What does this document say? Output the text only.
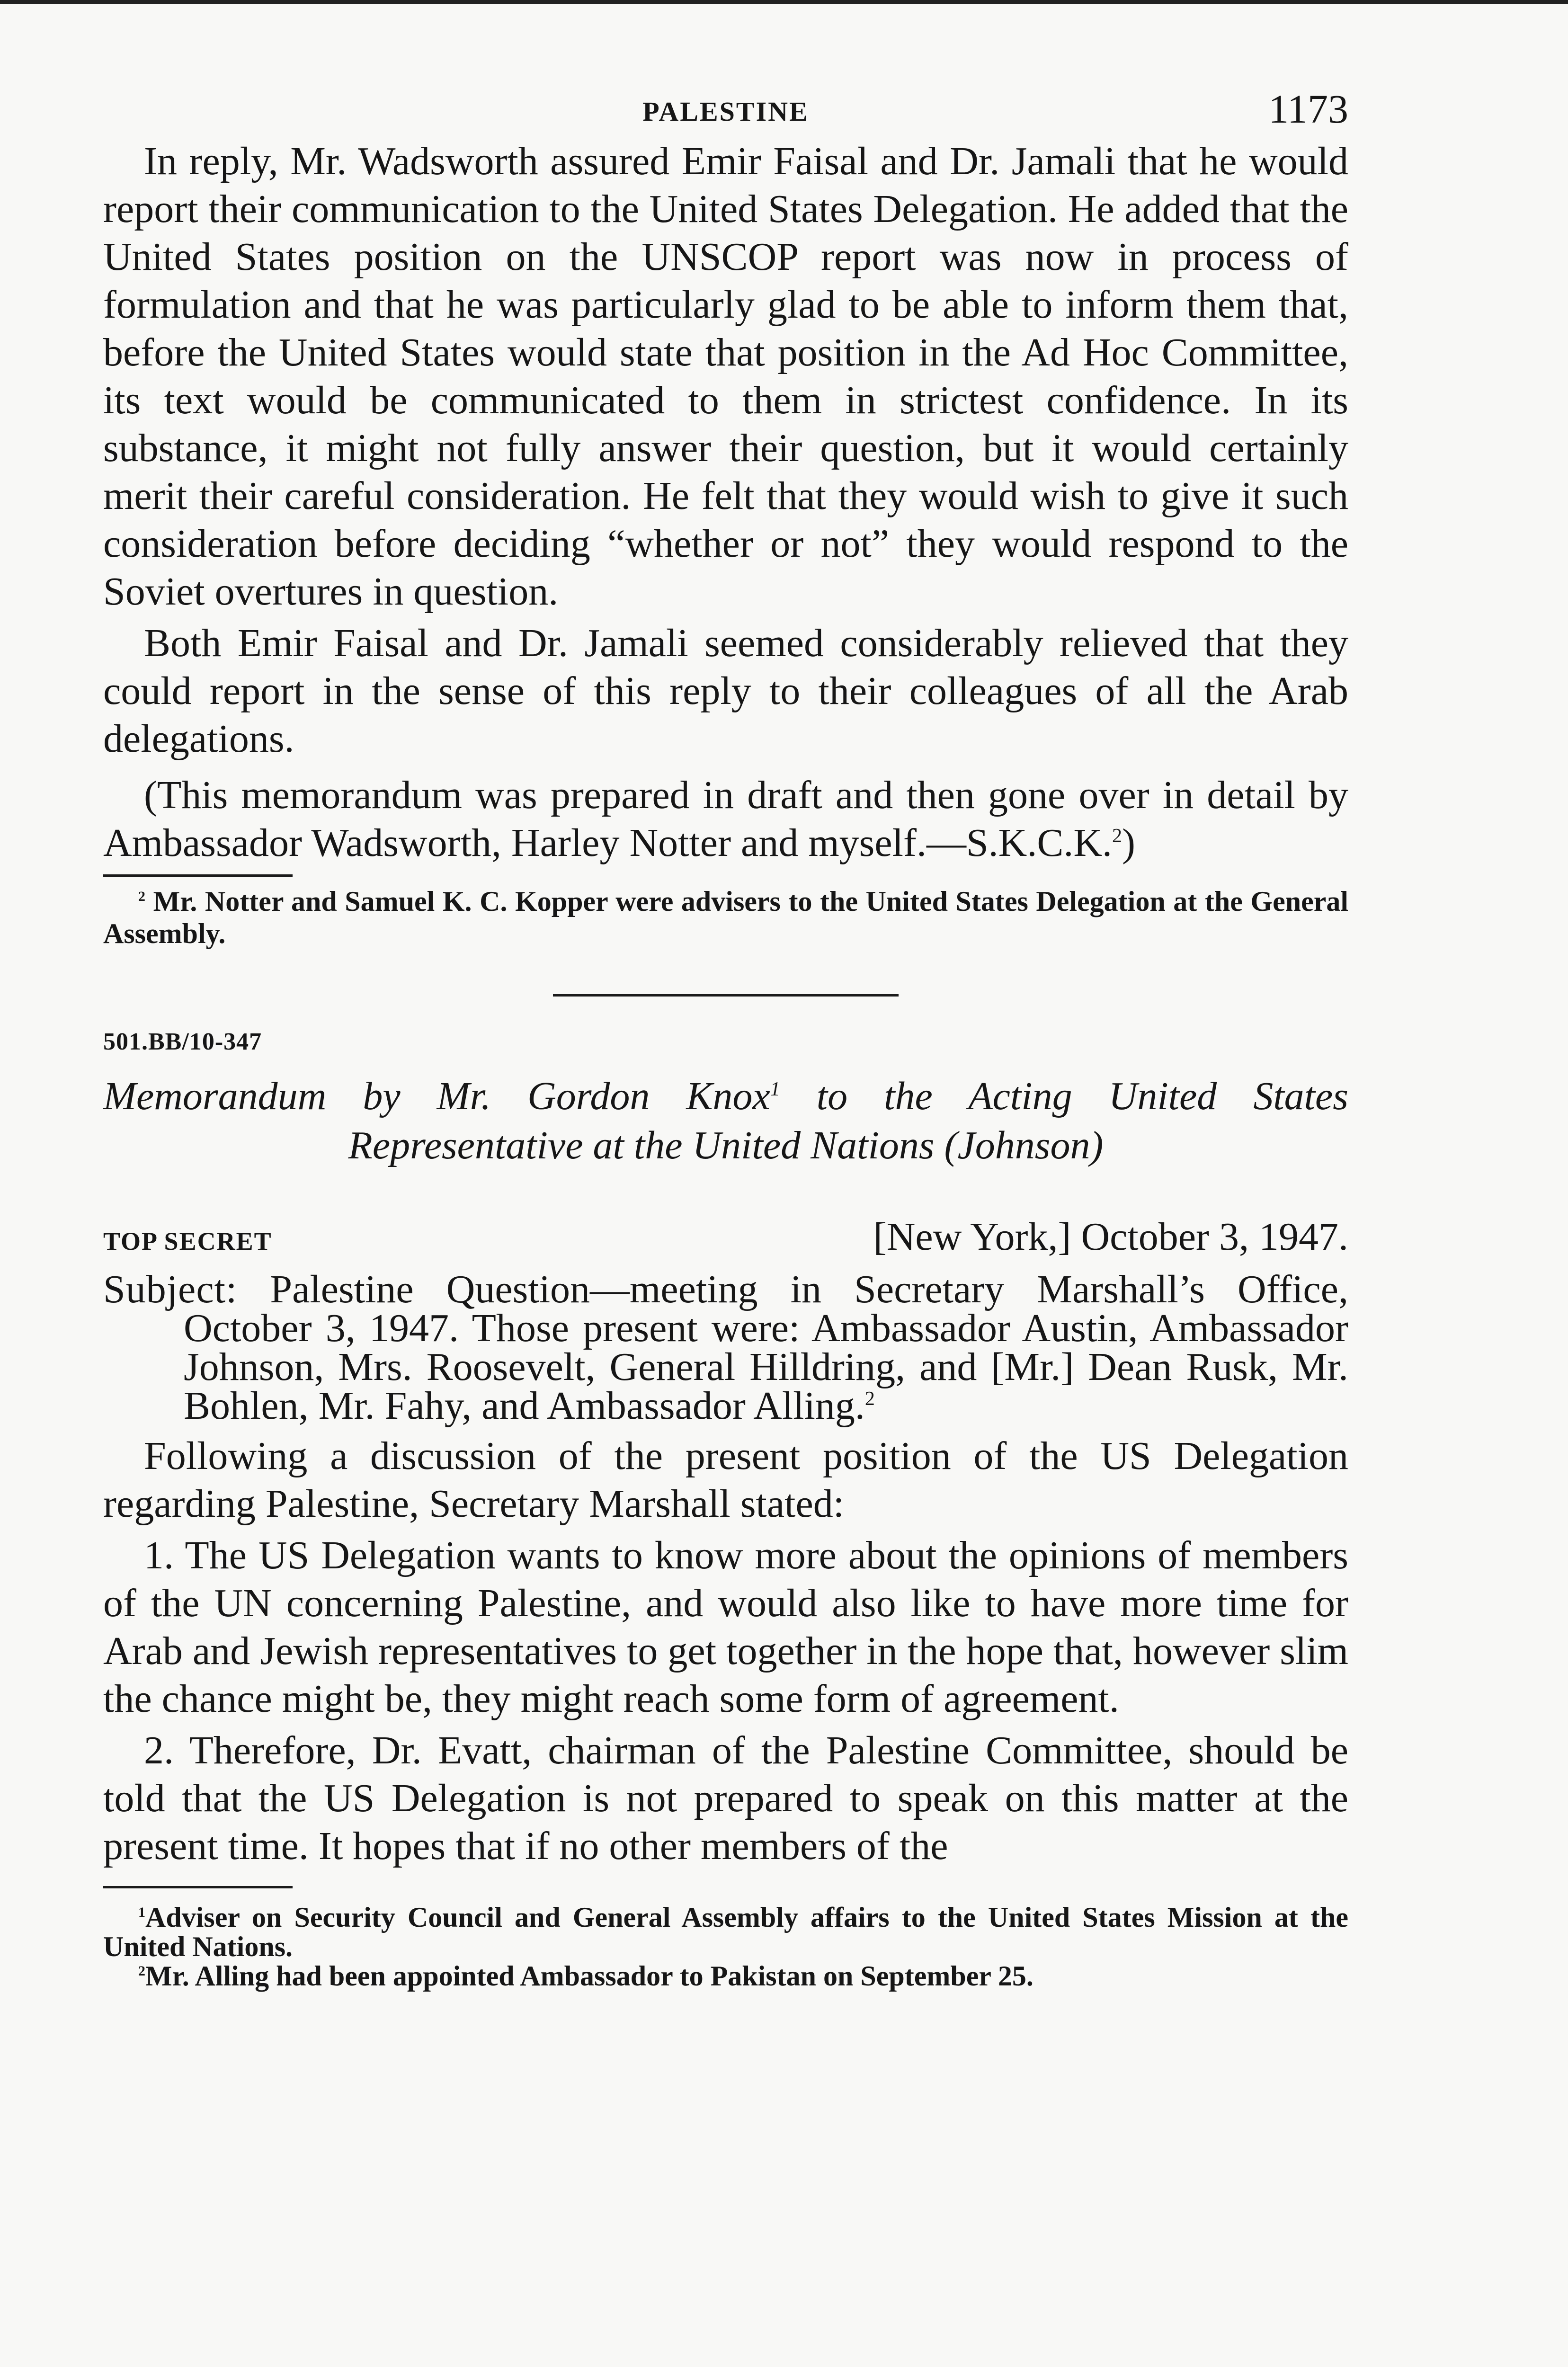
PALESTINE	1173

In reply, Mr. Wadsworth assured Emir Faisal and Dr. Jamali that he would report their communication to the United States Delegation. He added that the United States position on the UNSCOP report was now in process of formulation and that he was particularly glad to be able to inform them that, before the United States would state that position in the Ad Hoc Committee, its text would be communicated to them in strictest confidence. In its substance, it might not fully answer their question, but it would certainly merit their careful consideration. He felt that they would wish to give it such consideration before deciding “whether or not” they would respond to the Soviet overtures in question.

Both Emir Faisal and Dr. Jamali seemed considerably relieved that they could report in the sense of this reply to their colleagues of all the Arab delegations.

(This memorandum was prepared in draft and then gone over in detail by Ambassador Wadsworth, Harley Notter and myself.—S.K.C.K.$^2$)

$^2$ Mr. Notter and Samuel K. C. Kopper were advisers to the United States Delegation at the General Assembly.

501.BB/10-347
Memorandum by Mr. Gordon Knox$^1$ to the Acting United States
Representative at the United Nations (Johnson)
TOP SECRET	[New York,] October 3, 1947.
Subject: Palestine Question—meeting in Secretary Marshall’s Office, October 3, 1947. Those present were: Ambassador Austin, Ambassador Johnson, Mrs. Roosevelt, General Hilldring, and [Mr.] Dean Rusk, Mr. Bohlen, Mr. Fahy, and Ambassador Alling.$^2$

Following a discussion of the present position of the US Delegation regarding Palestine, Secretary Marshall stated:

1. The US Delegation wants to know more about the opinions of members of the UN concerning Palestine, and would also like to have more time for Arab and Jewish representatives to get together in the hope that, however slim the chance might be, they might reach some form of agreement.

2. Therefore, Dr. Evatt, chairman of the Palestine Committee, should be told that the US Delegation is not prepared to speak on this matter at the present time. It hopes that if no other members of the

$^1$Adviser on Security Council and General Assembly affairs to the United States Mission at the United Nations.

$^2$Mr. Alling had been appointed Ambassador to Pakistan on September 25.
